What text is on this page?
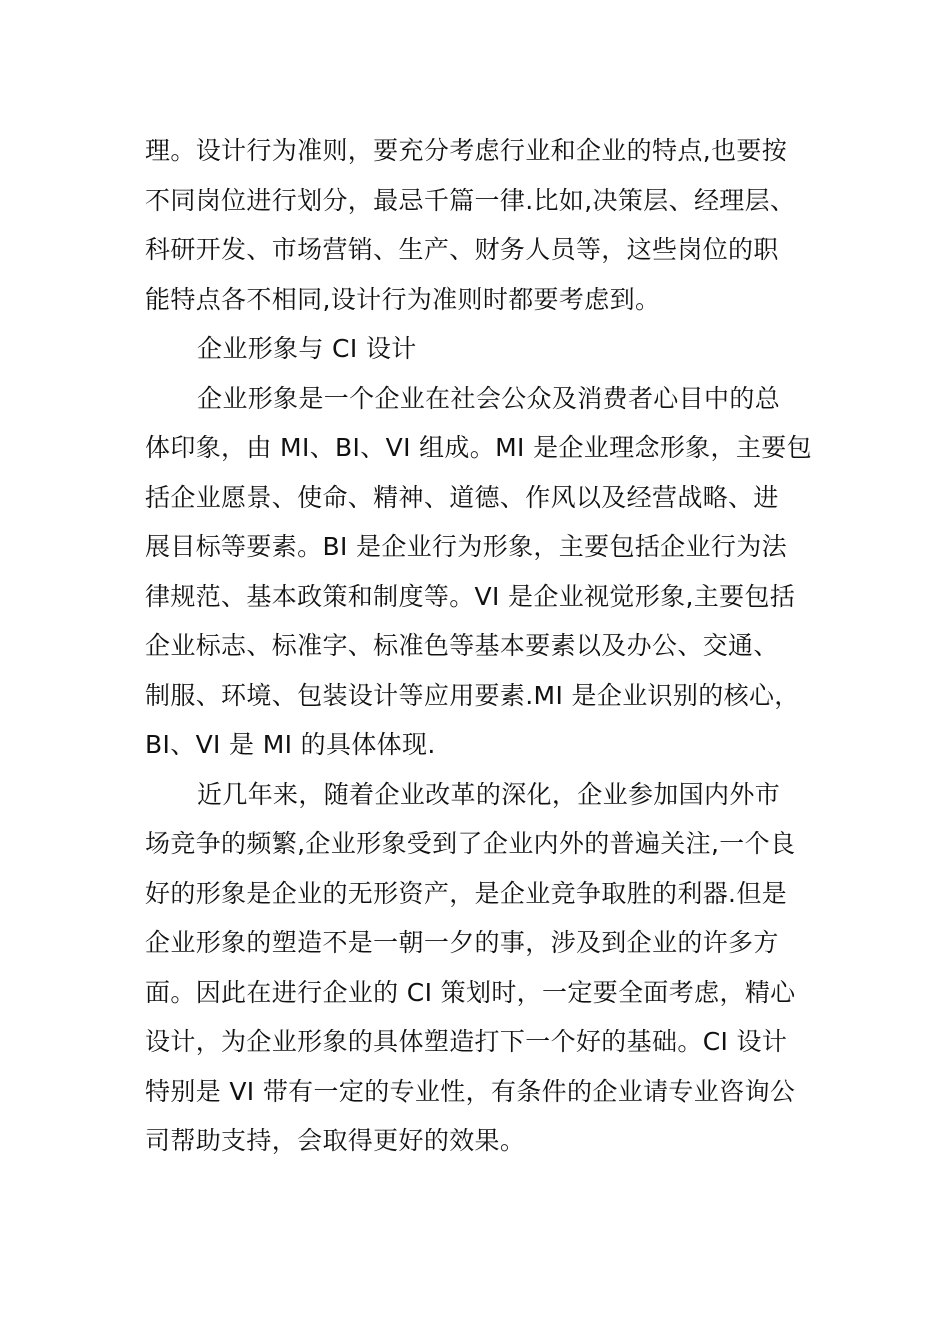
理。设计行为准则，要充分考虑行业和企业的特点,也要按
不同岗位进行划分，最忌千篇一律.比如,决策层、经理层、
科研开发、市场营销、生产、财务人员等，这些岗位的职
能特点各不相同,设计行为准则时都要考虑到。
企业形象与 CI 设计
企业形象是一个企业在社会公众及消费者心目中的总
体印象，由 MI、BI、VI 组成。MI 是企业理念形象，主要包
括企业愿景、使命、精神、道德、作风以及经营战略、进
展目标等要素。BI 是企业行为形象，主要包括企业行为法
律规范、基本政策和制度等。VI 是企业视觉形象,主要包括
企业标志、标准字、标准色等基本要素以及办公、交通、
制服、环境、包装设计等应用要素.MI 是企业识别的核心，
BI、VI 是 MI 的具体体现.
近几年来，随着企业改革的深化，企业参加国内外市
场竞争的频繁,企业形象受到了企业内外的普遍关注,一个良
好的形象是企业的无形资产，是企业竞争取胜的利器.但是
企业形象的塑造不是一朝一夕的事，涉及到企业的许多方
面。因此在进行企业的 CI 策划时，一定要全面考虑，精心
设计，为企业形象的具体塑造打下一个好的基础。CI 设计
特别是 VI 带有一定的专业性，有条件的企业请专业咨询公
司帮助支持，会取得更好的效果。
